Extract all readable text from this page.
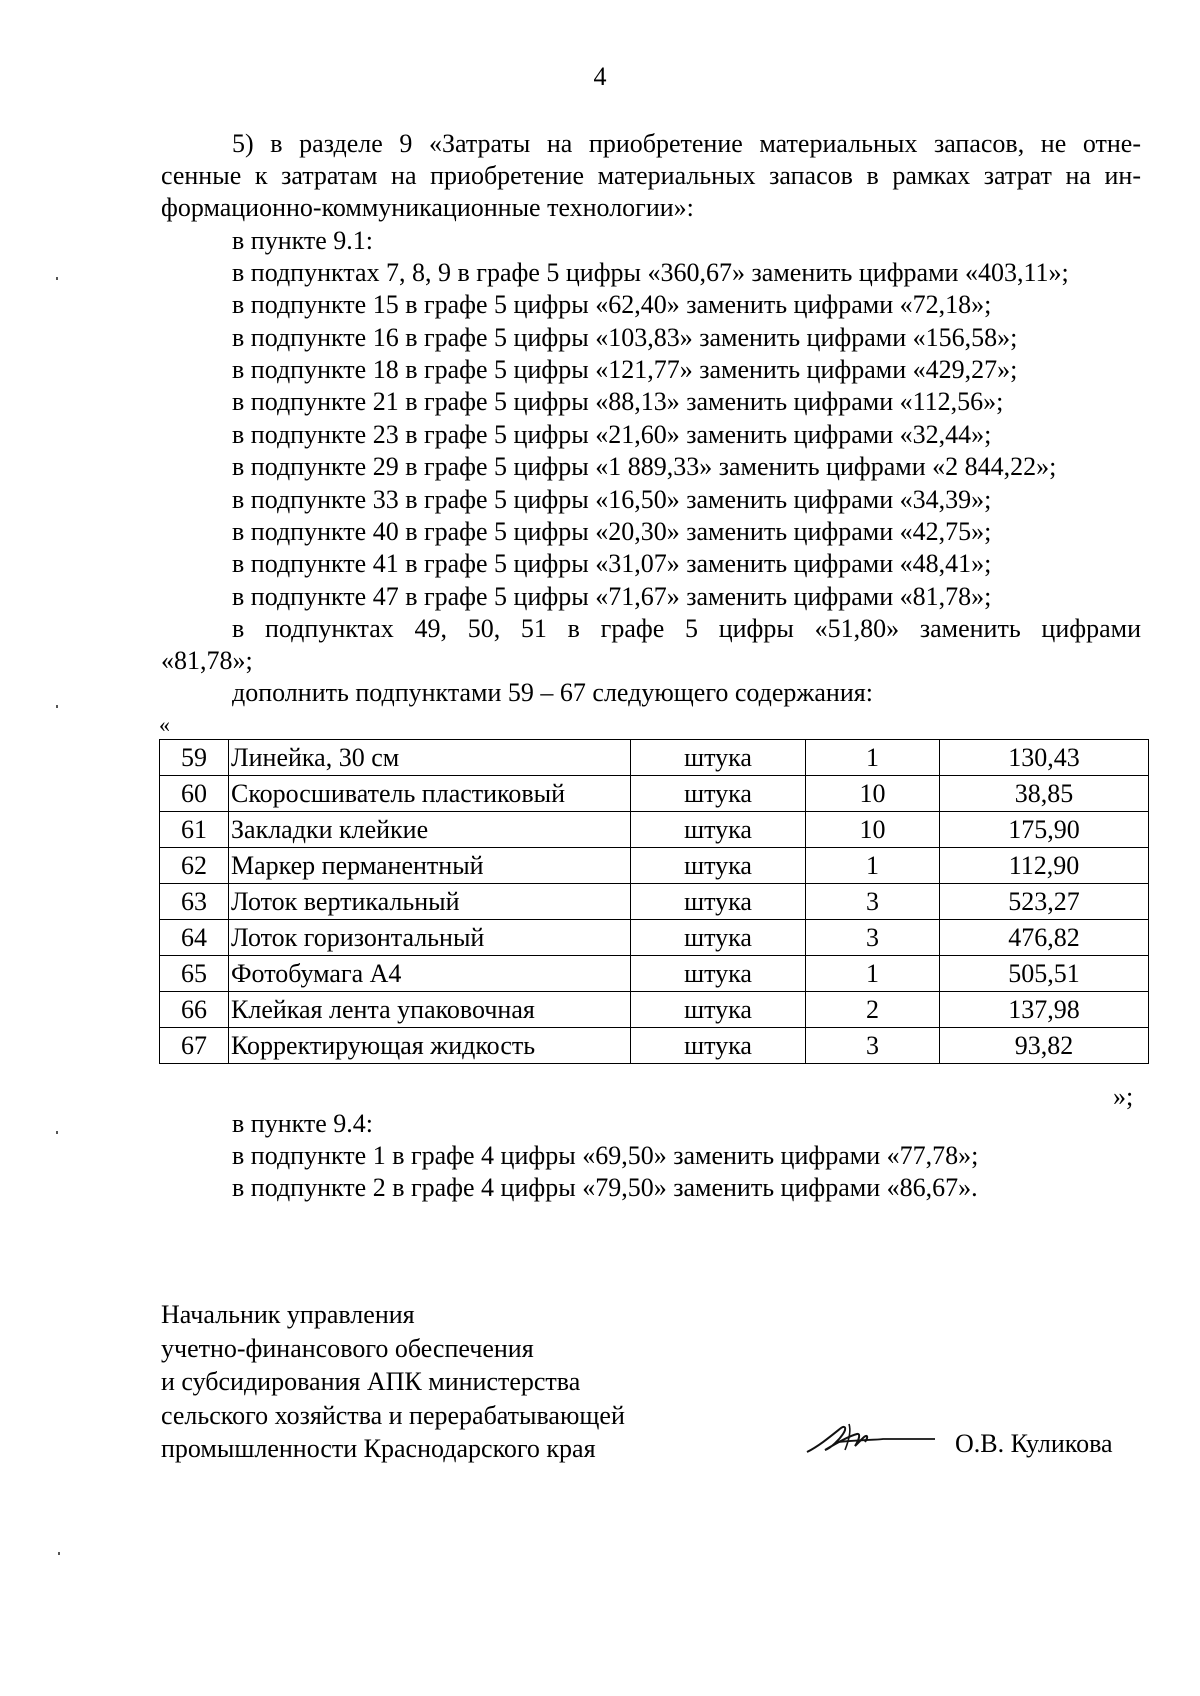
4
5) в разделе 9 «Затраты на приобретение материальных запасов, не отне-
сенные к затратам на приобретение материальных запасов в рамках затрат на ин-
формационно-коммуникационные технологии»:
в пункте 9.1:
в подпунктах 7, 8, 9 в графе 5 цифры «360,67» заменить цифрами «403,11»;
в подпункте 15 в графе 5 цифры «62,40» заменить цифрами «72,18»;
в подпункте 16 в графе 5 цифры «103,83» заменить цифрами «156,58»;
в подпункте 18 в графе 5 цифры «121,77» заменить цифрами «429,27»;
в подпункте 21 в графе 5 цифры «88,13» заменить цифрами «112,56»;
в подпункте 23 в графе 5 цифры «21,60» заменить цифрами «32,44»;
в подпункте 29 в графе 5 цифры «1 889,33» заменить цифрами «2 844,22»;
в подпункте 33 в графе 5 цифры «16,50» заменить цифрами «34,39»;
в подпункте 40 в графе 5 цифры «20,30» заменить цифрами «42,75»;
в подпункте 41 в графе 5 цифры «31,07» заменить цифрами «48,41»;
в подпункте 47 в графе 5 цифры «71,67» заменить цифрами «81,78»;
в подпунктах 49, 50, 51 в графе 5 цифры «51,80» заменить цифрами
«81,78»;
дополнить подпунктами 59 – 67 следующего содержания:
«
59	Линейка, 30 см	штука	1	130,43
60	Скоросшиватель пластиковый	штука	10	38,85
61	Закладки клейкие	штука	10	175,90
62	Маркер перманентный	штука	1	112,90
63	Лоток вертикальный	штука	3	523,27
64	Лоток горизонтальный	штука	3	476,82
65	Фотобумага А4	штука	1	505,51
66	Клейкая лента упаковочная	штука	2	137,98
67	Корректирующая жидкость	штука	3	93,82
»;
в пункте 9.4:
в подпункте 1 в графе 4 цифры «69,50» заменить цифрами «77,78»;
в подпункте 2 в графе 4 цифры «79,50» заменить цифрами «86,67».
Начальник управления
учетно-финансового обеспечения
и субсидирования АПК министерства
сельского хозяйства и перерабатывающей
промышленности Краснодарского края	О.В. Куликова
